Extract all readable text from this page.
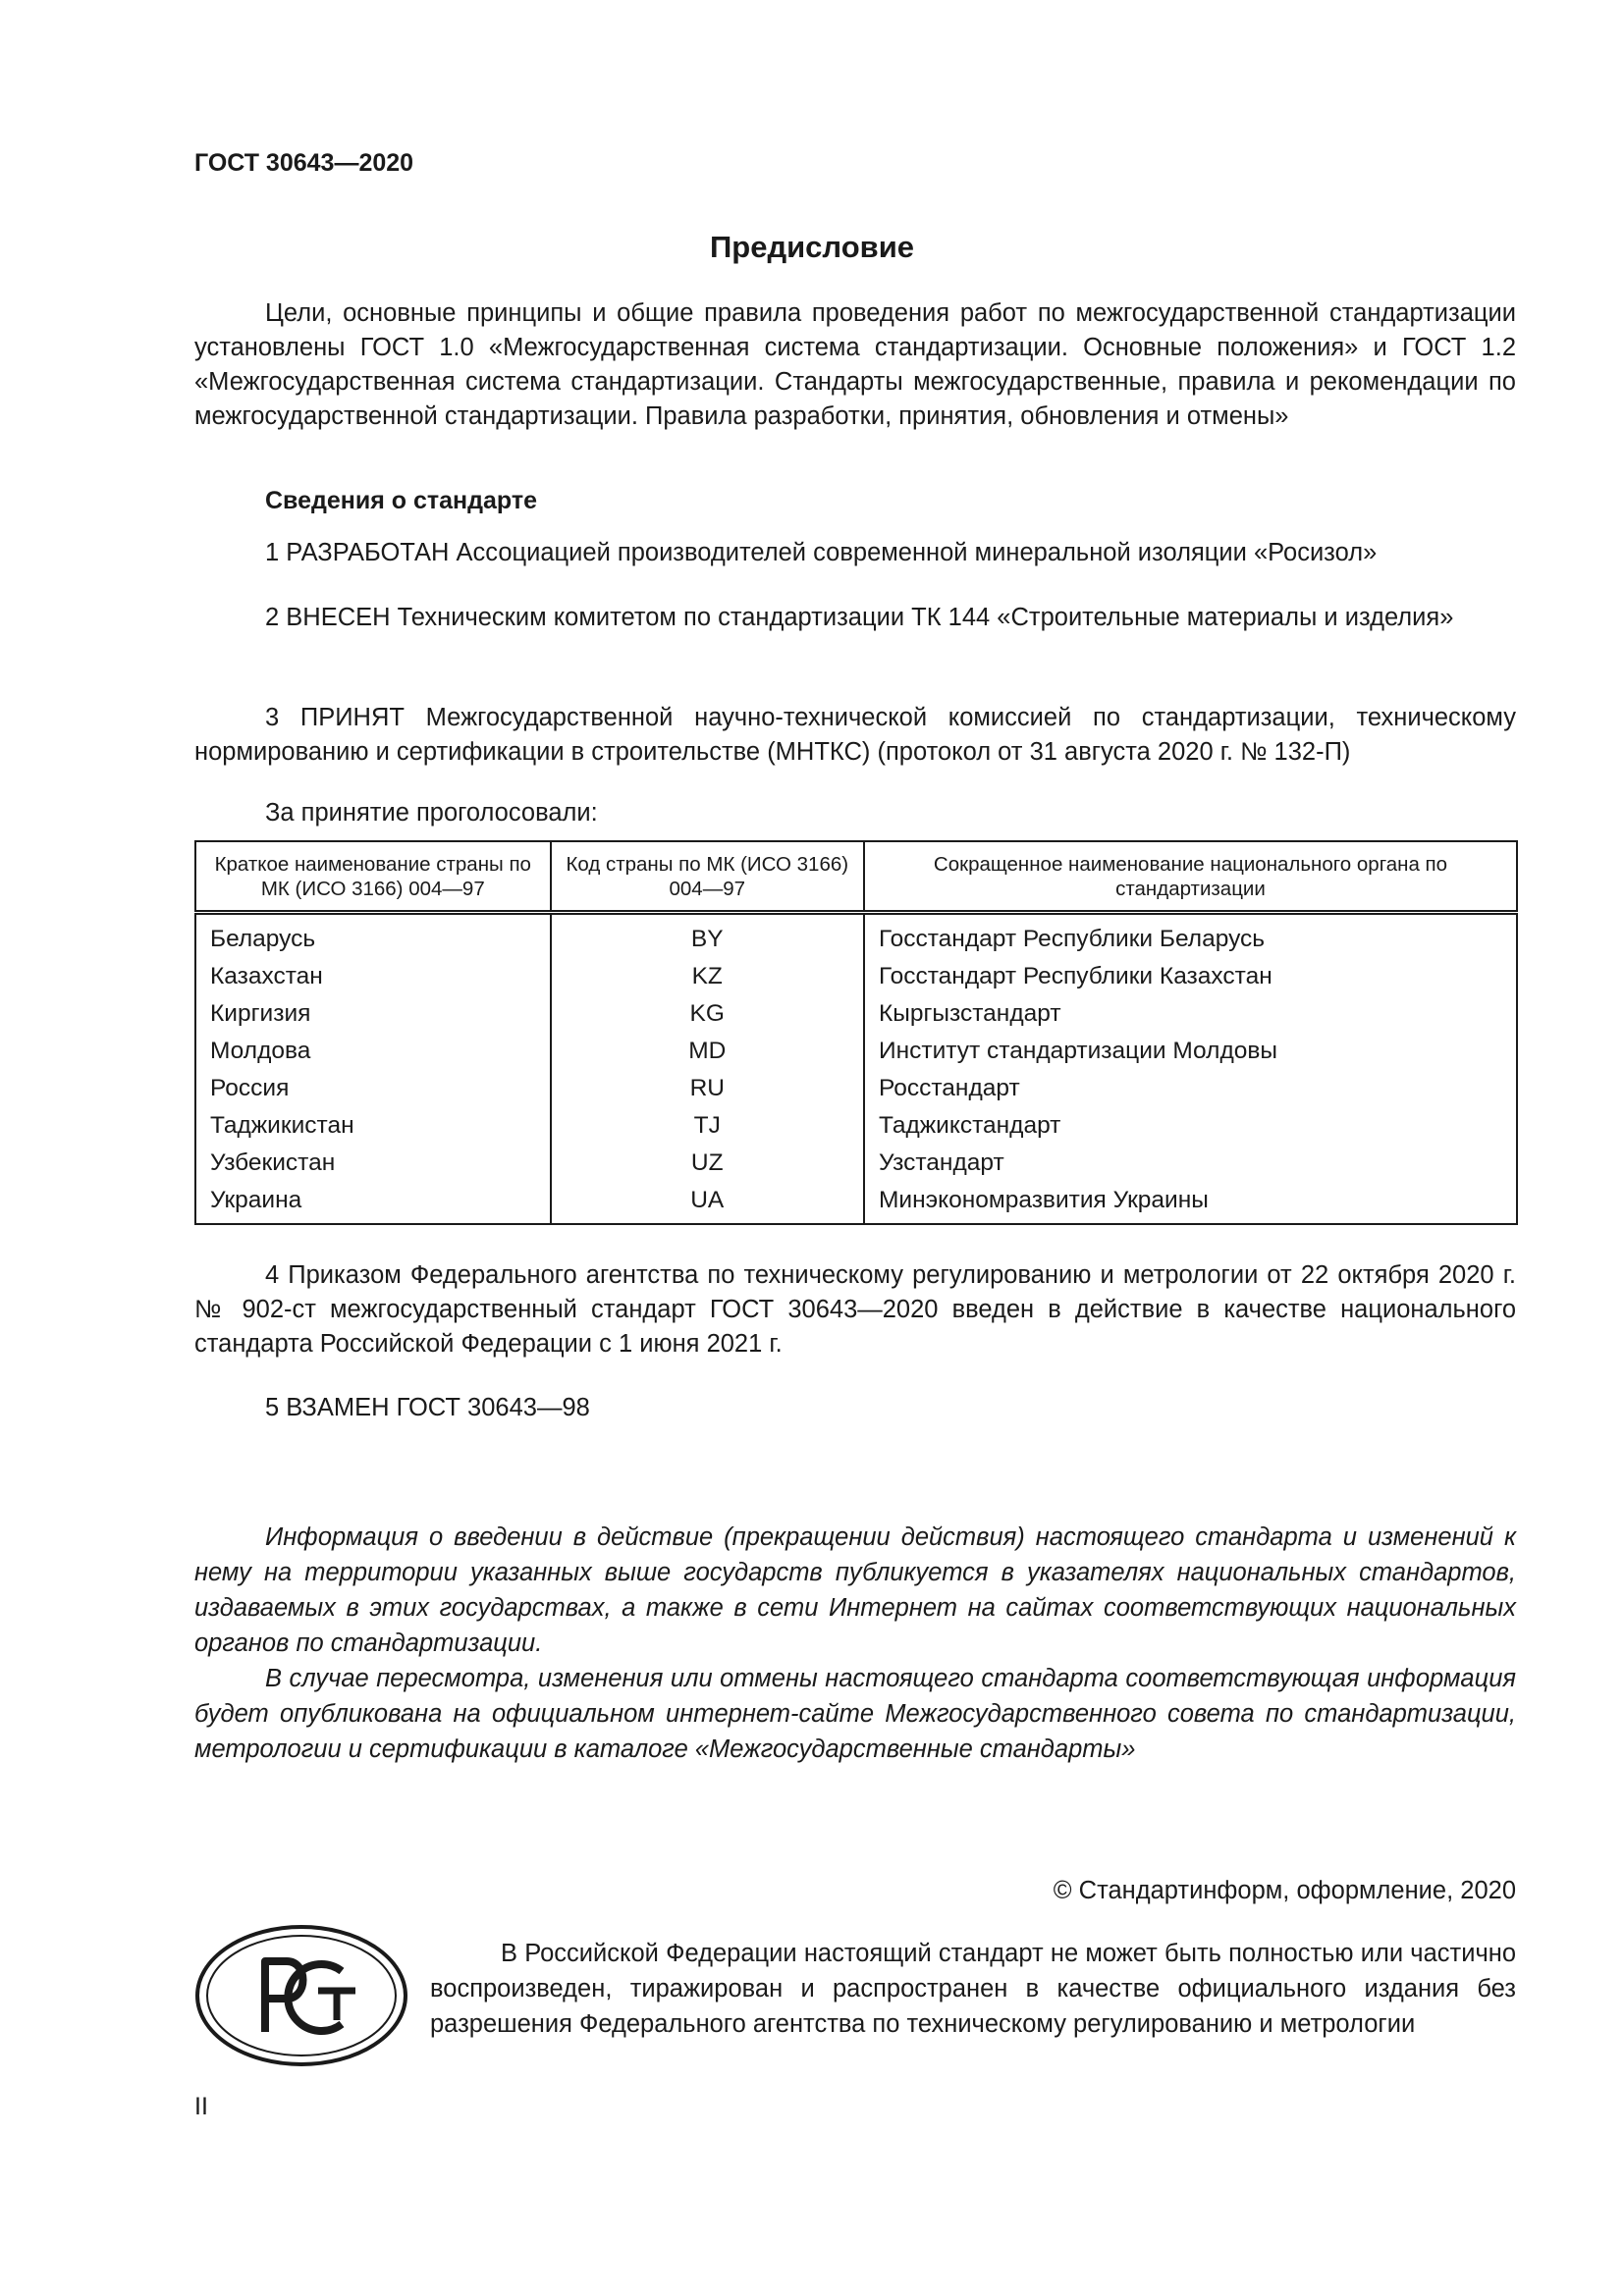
ГОСТ 30643—2020
Предисловие

Цели, основные принципы и общие правила проведения работ по межгосударственной стандартизации установлены ГОСТ 1.0 «Межгосударственная система стандартизации. Основные положения» и ГОСТ 1.2 «Межгосударственная система стандартизации. Стандарты межгосударственные, правила и рекомендации по межгосударственной стандартизации. Правила разработки, принятия, обновления и отмены»

Сведения о стандарте

1 РАЗРАБОТАН Ассоциацией производителей современной минеральной изоляции «Росизол»

2 ВНЕСЕН Техническим комитетом по стандартизации ТК 144 «Строительные материалы и изделия»

3 ПРИНЯТ Межгосударственной научно-технической комиссией по стандартизации, техническому нормированию и сертификации в строительстве (МНТКС) (протокол от 31 августа 2020 г. № 132-П)

За принятие проголосовали:
Краткое наименование страны по МК (ИСО 3166) 004—97	Код страны по МК (ИСО 3166) 004—97	Сокращенное наименование национального органа по стандартизации
Беларусь	BY	Госстандарт Республики Беларусь
Казахстан	KZ	Госстандарт Республики Казахстан
Киргизия	KG	Кыргызстандарт
Молдова	MD	Институт стандартизации Молдовы
Россия	RU	Росстандарт
Таджикистан	TJ	Таджикстандарт
Узбекистан	UZ	Узстандарт
Украина	UA	Минэкономразвития Украины

4 Приказом Федерального агентства по техническому регулированию и метрологии от 22 октября 2020 г. № 902-ст межгосударственный стандарт ГОСТ 30643—2020 введен в действие в качестве национального стандарта Российской Федерации с 1 июня 2021 г.

5 ВЗАМЕН ГОСТ 30643—98

Информация о введении в действие (прекращении действия) настоящего стандарта и изменений к нему на территории указанных выше государств публикуется в указателях национальных стандартов, издаваемых в этих государствах, а также в сети Интернет на сайтах соответствующих национальных органов по стандартизации.

В случае пересмотра, изменения или отмены настоящего стандарта соответствующая информация будет опубликована на официальном интернет-сайте Межгосударственного совета по стандартизации, метрологии и сертификации в каталоге «Межгосударственные стандарты»

© Стандартинформ, оформление, 2020

В Российской Федерации настоящий стандарт не может быть полностью или частично воспроизведен, тиражирован и распространен в качестве официального издания без разрешения Федерального агентства по техническому регулированию и метрологии

II
